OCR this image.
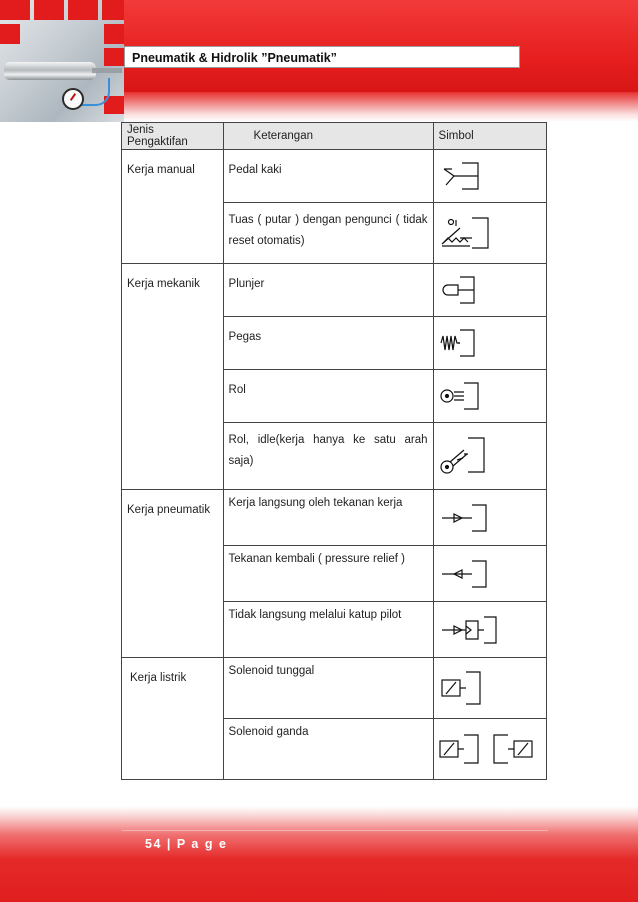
Pneumatik & Hidrolik ”Pneumatik”
Jenis Pengaktifan	Keterangan	Simbol
Kerja manual	Pedal kaki	

	Tuas ( putar ) dengan pengunci ( tidak reset otomatis)	

Kerja mekanik	Plunjer	

	Pegas	

	Rol	

	Rol, idle(kerja hanya ke satu arah saja)	

Kerja pneumatik	Kerja langsung oleh tekanan kerja	

	Tekanan kembali ( pressure relief )	

	Tidak langsung melalui katup pilot	

Kerja listrik	Solenoid tunggal	

	Solenoid ganda	
54 | P a g e
